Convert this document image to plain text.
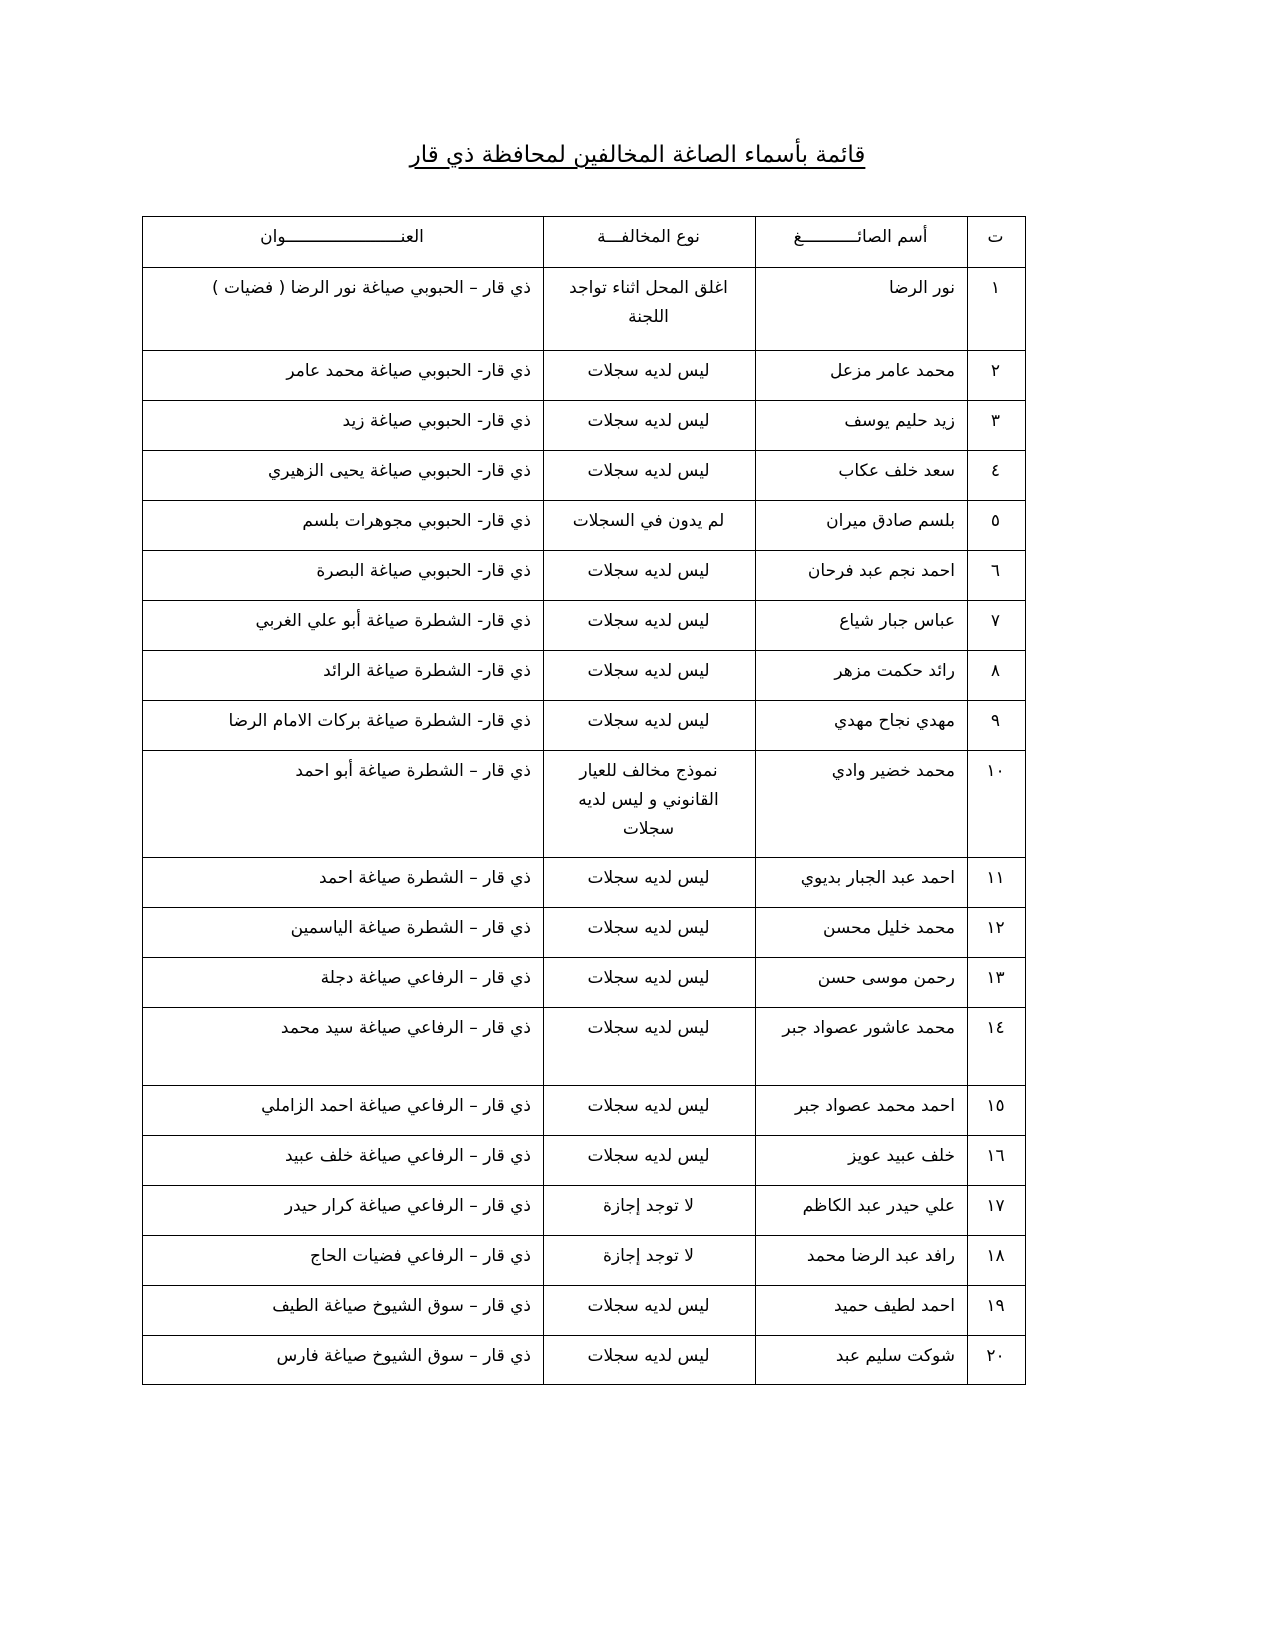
قائمة بأسماء الصاغة المخالفين لمحافظة ذي قار
ت	أسم الصائـــــــــــغ	نوع المخالفـــة	العنـــــــــــــــــــــــوان
١	نور الرضا	اغلق المحل اثناء تواجد اللجنة	ذي قار – الحبوبي صياغة نور الرضا ( فضيات )
٢	محمد عامر مزعل	ليس لديه سجلات	ذي قار- الحبوبي صياغة محمد عامر
٣	زيد حليم يوسف	ليس لديه سجلات	ذي قار- الحبوبي صياغة زيد
٤	سعد خلف عكاب	ليس لديه سجلات	ذي قار- الحبوبي صياغة يحيى الزهيري
٥	بلسم صادق ميران	لم يدون في السجلات	ذي قار- الحبوبي مجوهرات بلسم
٦	احمد نجم عبد فرحان	ليس لديه سجلات	ذي قار- الحبوبي صياغة البصرة
٧	عباس جبار شياع	ليس لديه سجلات	ذي قار- الشطرة صياغة أبو علي الغربي
٨	رائد حكمت مزهر	ليس لديه سجلات	ذي قار- الشطرة صياغة الرائد
٩	مهدي نجاح مهدي	ليس لديه سجلات	ذي قار- الشطرة صياغة بركات الامام الرضا
١٠	محمد خضير وادي	نموذج مخالف للعيار القانوني و ليس لديه سجلات	ذي قار – الشطرة صياغة أبو احمد
١١	احمد عبد الجبار بديوي	ليس لديه سجلات	ذي قار – الشطرة صياغة احمد
١٢	محمد خليل محسن	ليس لديه سجلات	ذي قار – الشطرة صياغة الياسمين
١٣	رحمن موسى حسن	ليس لديه سجلات	ذي قار – الرفاعي صياغة دجلة
١٤	محمد عاشور عصواد جبر	ليس لديه سجلات	ذي قار – الرفاعي صياغة سيد محمد
١٥	احمد محمد عصواد جبر	ليس لديه سجلات	ذي قار – الرفاعي صياغة احمد الزاملي
١٦	خلف عبيد عويز	ليس لديه سجلات	ذي قار – الرفاعي صياغة خلف عبيد
١٧	علي حيدر عبد الكاظم	لا توجد إجازة	ذي قار – الرفاعي صياغة كرار حيدر
١٨	رافد عبد الرضا محمد	لا توجد إجازة	ذي قار – الرفاعي فضيات الحاج
١٩	احمد لطيف حميد	ليس لديه سجلات	ذي قار – سوق الشيوخ صياغة الطيف
٢٠	شوكت سليم عبد	ليس لديه سجلات	ذي قار – سوق الشيوخ صياغة فارس
